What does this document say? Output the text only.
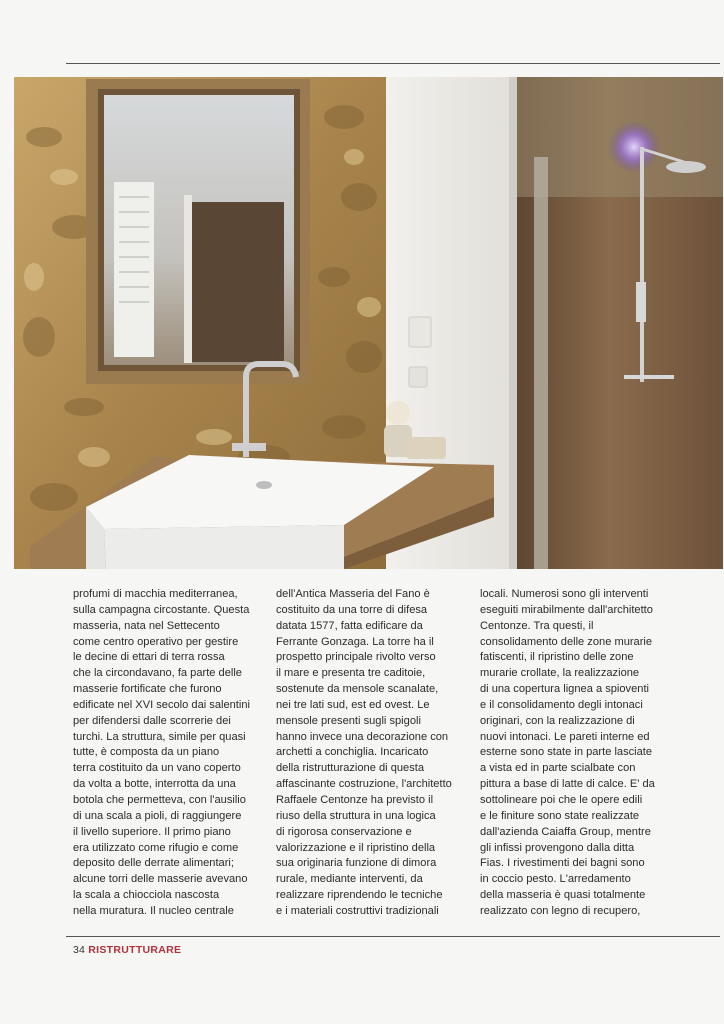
profumi di macchia mediterranea,
sulla campagna circostante. Questa
masseria, nata nel Settecento
come centro operativo per gestire
le decine di ettari di terra rossa
che la circondavano, fa parte delle
masserie fortificate che furono
edificate nel XVI secolo dai salentini
per difendersi dalle scorrerie dei
turchi. La struttura, simile per quasi
tutte, è composta da un piano
terra costituito da un vano coperto
da volta a botte, interrotta da una
botola che permetteva, con l'ausilio
di una scala a pioli, di raggiungere
il livello superiore. Il primo piano
era utilizzato come rifugio e come
deposito delle derrate alimentari;
alcune torri delle masserie avevano
la scala a chiocciola nascosta
nella muratura. Il nucleo centrale
dell'Antica Masseria del Fano è
costituito da una torre di difesa
datata 1577, fatta edificare da
Ferrante Gonzaga. La torre ha il
prospetto principale rivolto verso
il mare e presenta tre caditoie,
sostenute da mensole scanalate,
nei tre lati sud, est ed ovest. Le
mensole presenti sugli spigoli
hanno invece una decorazione con
archetti a conchiglia. Incaricato
della ristrutturazione di questa
affascinante costruzione, l'architetto
Raffaele Centonze ha previsto il
riuso della struttura in una logica
di rigorosa conservazione e
valorizzazione e il ripristino della
sua originaria funzione di dimora
rurale, mediante interventi, da
realizzare riprendendo le tecniche
e i materiali costruttivi tradizionali
locali. Numerosi sono gli interventi
eseguiti mirabilmente dall'architetto
Centonze. Tra questi, il
consolidamento delle zone murarie
fatiscenti, il ripristino delle zone
murarie crollate, la realizzazione
di una copertura lignea a spioventi
e il consolidamento degli intonaci
originari, con la realizzazione di
nuovi intonaci. Le pareti interne ed
esterne sono state in parte lasciate
a vista ed in parte scialbate con
pittura a base di latte di calce. E' da
sottolineare poi che le opere edili
e le finiture sono state realizzate
dall'azienda Caiaffa Group, mentre
gli infissi provengono dalla ditta
Fias. I rivestimenti dei bagni sono
in coccio pesto. L'arredamento
della masseria è quasi totalmente
realizzato con legno di recupero,
34 RISTRUTTURARE
